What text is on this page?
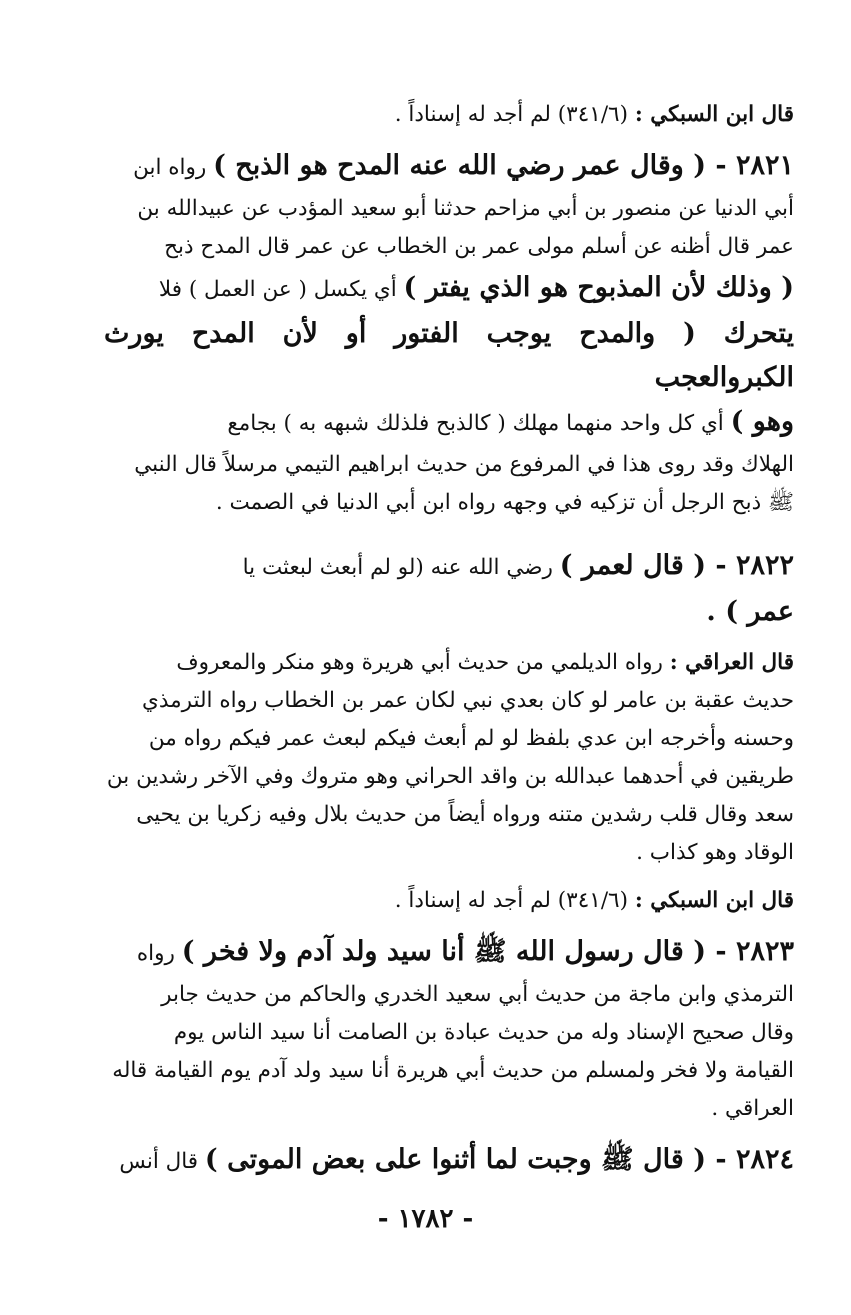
قال ابن السبكي : (٣٤١/٦) لم أجد له إسناداً .
٢٨٢١ - ( وقال عمر رضي الله عنه المدح هو الذبح ) رواه ابن
أبي الدنيا عن منصور بن أبي مزاحم حدثنا أبو سعيد المؤدب عن عبيدالله بن
عمر قال أظنه عن أسلم مولى عمر بن الخطاب عن عمر قال المدح ذبح
( وذلك لأن المذبوح هو الذي يفتر ) أي يكسل ( عن العمل ) فلا
يتحرك ( والمدح يوجب الفتور أو لأن المدح يورث الكبروالعجب
وهو ) أي كل واحد منهما مهلك ( كالذبح فلذلك شبهه به ) بجامع
الهلاك وقد روى هذا في المرفوع من حديث ابراهيم التيمي مرسلاً قال النبي
ﷺ ذبح الرجل أن تزكيه في وجهه رواه ابن أبي الدنيا في الصمت .
٢٨٢٢ - ( قال لعمر ) رضي الله عنه (لو لم أبعث لبعثت يا
عمر ) .
قال العراقي : رواه الديلمي من حديث أبي هريرة وهو منكر والمعروف
حديث عقبة بن عامر لو كان بعدي نبي لكان عمر بن الخطاب رواه الترمذي
وحسنه وأخرجه ابن عدي بلفظ لو لم أبعث فيكم لبعث عمر فيكم رواه من
طريقين في أحدهما عبدالله بن واقد الحراني وهو متروك وفي الآخر رشدين بن
سعد وقال قلب رشدين متنه ورواه أيضاً من حديث بلال وفيه زكريا بن يحيى
الوقاد وهو كذاب .
قال ابن السبكي : (٣٤١/٦) لم أجد له إسناداً .
٢٨٢٣ - ( قال رسول الله ﷺ أنا سيد ولد آدم ولا فخر ) رواه
الترمذي وابن ماجة من حديث أبي سعيد الخدري والحاكم من حديث جابر
وقال صحيح الإسناد وله من حديث عبادة بن الصامت أنا سيد الناس يوم
القيامة ولا فخر ولمسلم من حديث أبي هريرة أنا سيد ولد آدم يوم القيامة قاله
العراقي .
٢٨٢٤ - ( قال ﷺ وجبت لما أثنوا على بعض الموتى ) قال أنس
- ١٧٨٢ -
